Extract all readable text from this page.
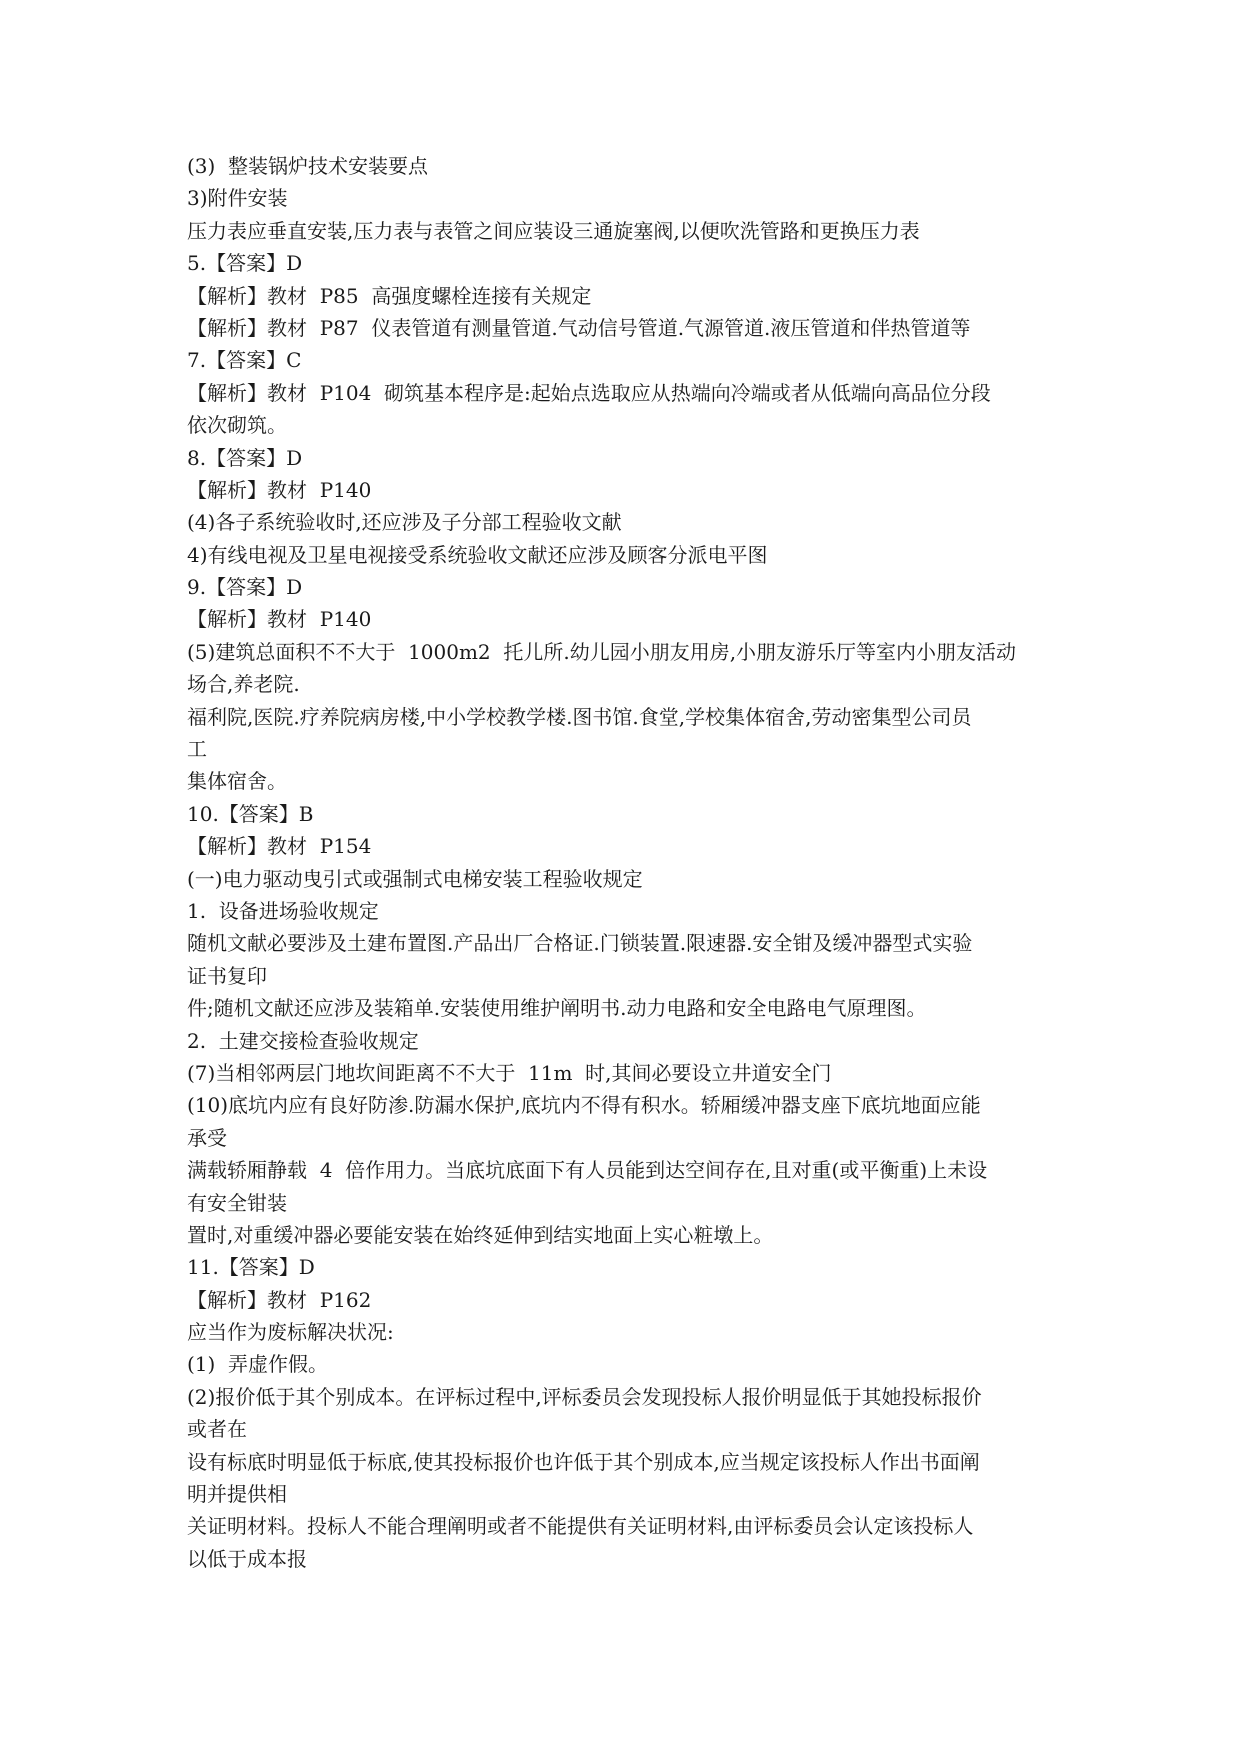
(3)  整装锅炉技术安装要点
3)附件安装
压力表应垂直安装,压力表与表管之间应装设三通旋塞阀,以便吹洗管路和更换压力表
5.【答案】D
【解析】教材  P85  高强度螺栓连接有关规定
【解析】教材  P87  仪表管道有测量管道.气动信号管道.气源管道.液压管道和伴热管道等
7.【答案】C
【解析】教材  P104  砌筑基本程序是:起始点选取应从热端向冷端或者从低端向高品位分段
依次砌筑。
8.【答案】D
【解析】教材  P140
(4)各子系统验收时,还应涉及子分部工程验收文献
4)有线电视及卫星电视接受系统验收文献还应涉及顾客分派电平图
9.【答案】D
【解析】教材  P140
(5)建筑总面积不不大于  1000m2  托儿所.幼儿园小朋友用房,小朋友游乐厅等室内小朋友活动
场合,养老院.
福利院,医院.疗养院病房楼,中小学校教学楼.图书馆.食堂,学校集体宿舍,劳动密集型公司员
工
集体宿舍。
10.【答案】B
【解析】教材  P154
(一)电力驱动曳引式或强制式电梯安装工程验收规定
1.  设备进场验收规定
随机文献必要涉及土建布置图.产品出厂合格证.门锁装置.限速器.安全钳及缓冲器型式实验
证书复印
件;随机文献还应涉及装箱单.安装使用维护阐明书.动力电路和安全电路电气原理图。
2.  土建交接检查验收规定
(7)当相邻两层门地坎间距离不不大于  11m  时,其间必要设立井道安全门
(10)底坑内应有良好防渗.防漏水保护,底坑内不得有积水。轿厢缓冲器支座下底坑地面应能
承受
满载轿厢静载  4  倍作用力。当底坑底面下有人员能到达空间存在,且对重(或平衡重)上未设
有安全钳装
置时,对重缓冲器必要能安装在始终延伸到结实地面上实心粧墩上。
11.【答案】D
【解析】教材  P162
应当作为废标解决状况:
(1)  弄虚作假。
(2)报价低于其个别成本。在评标过程中,评标委员会发现投标人报价明显低于其她投标报价
或者在
设有标底时明显低于标底,使其投标报价也许低于其个别成本,应当规定该投标人作出书面阐
明并提供相
关证明材料。投标人不能合理阐明或者不能提供有关证明材料,由评标委员会认定该投标人
以低于成本报
